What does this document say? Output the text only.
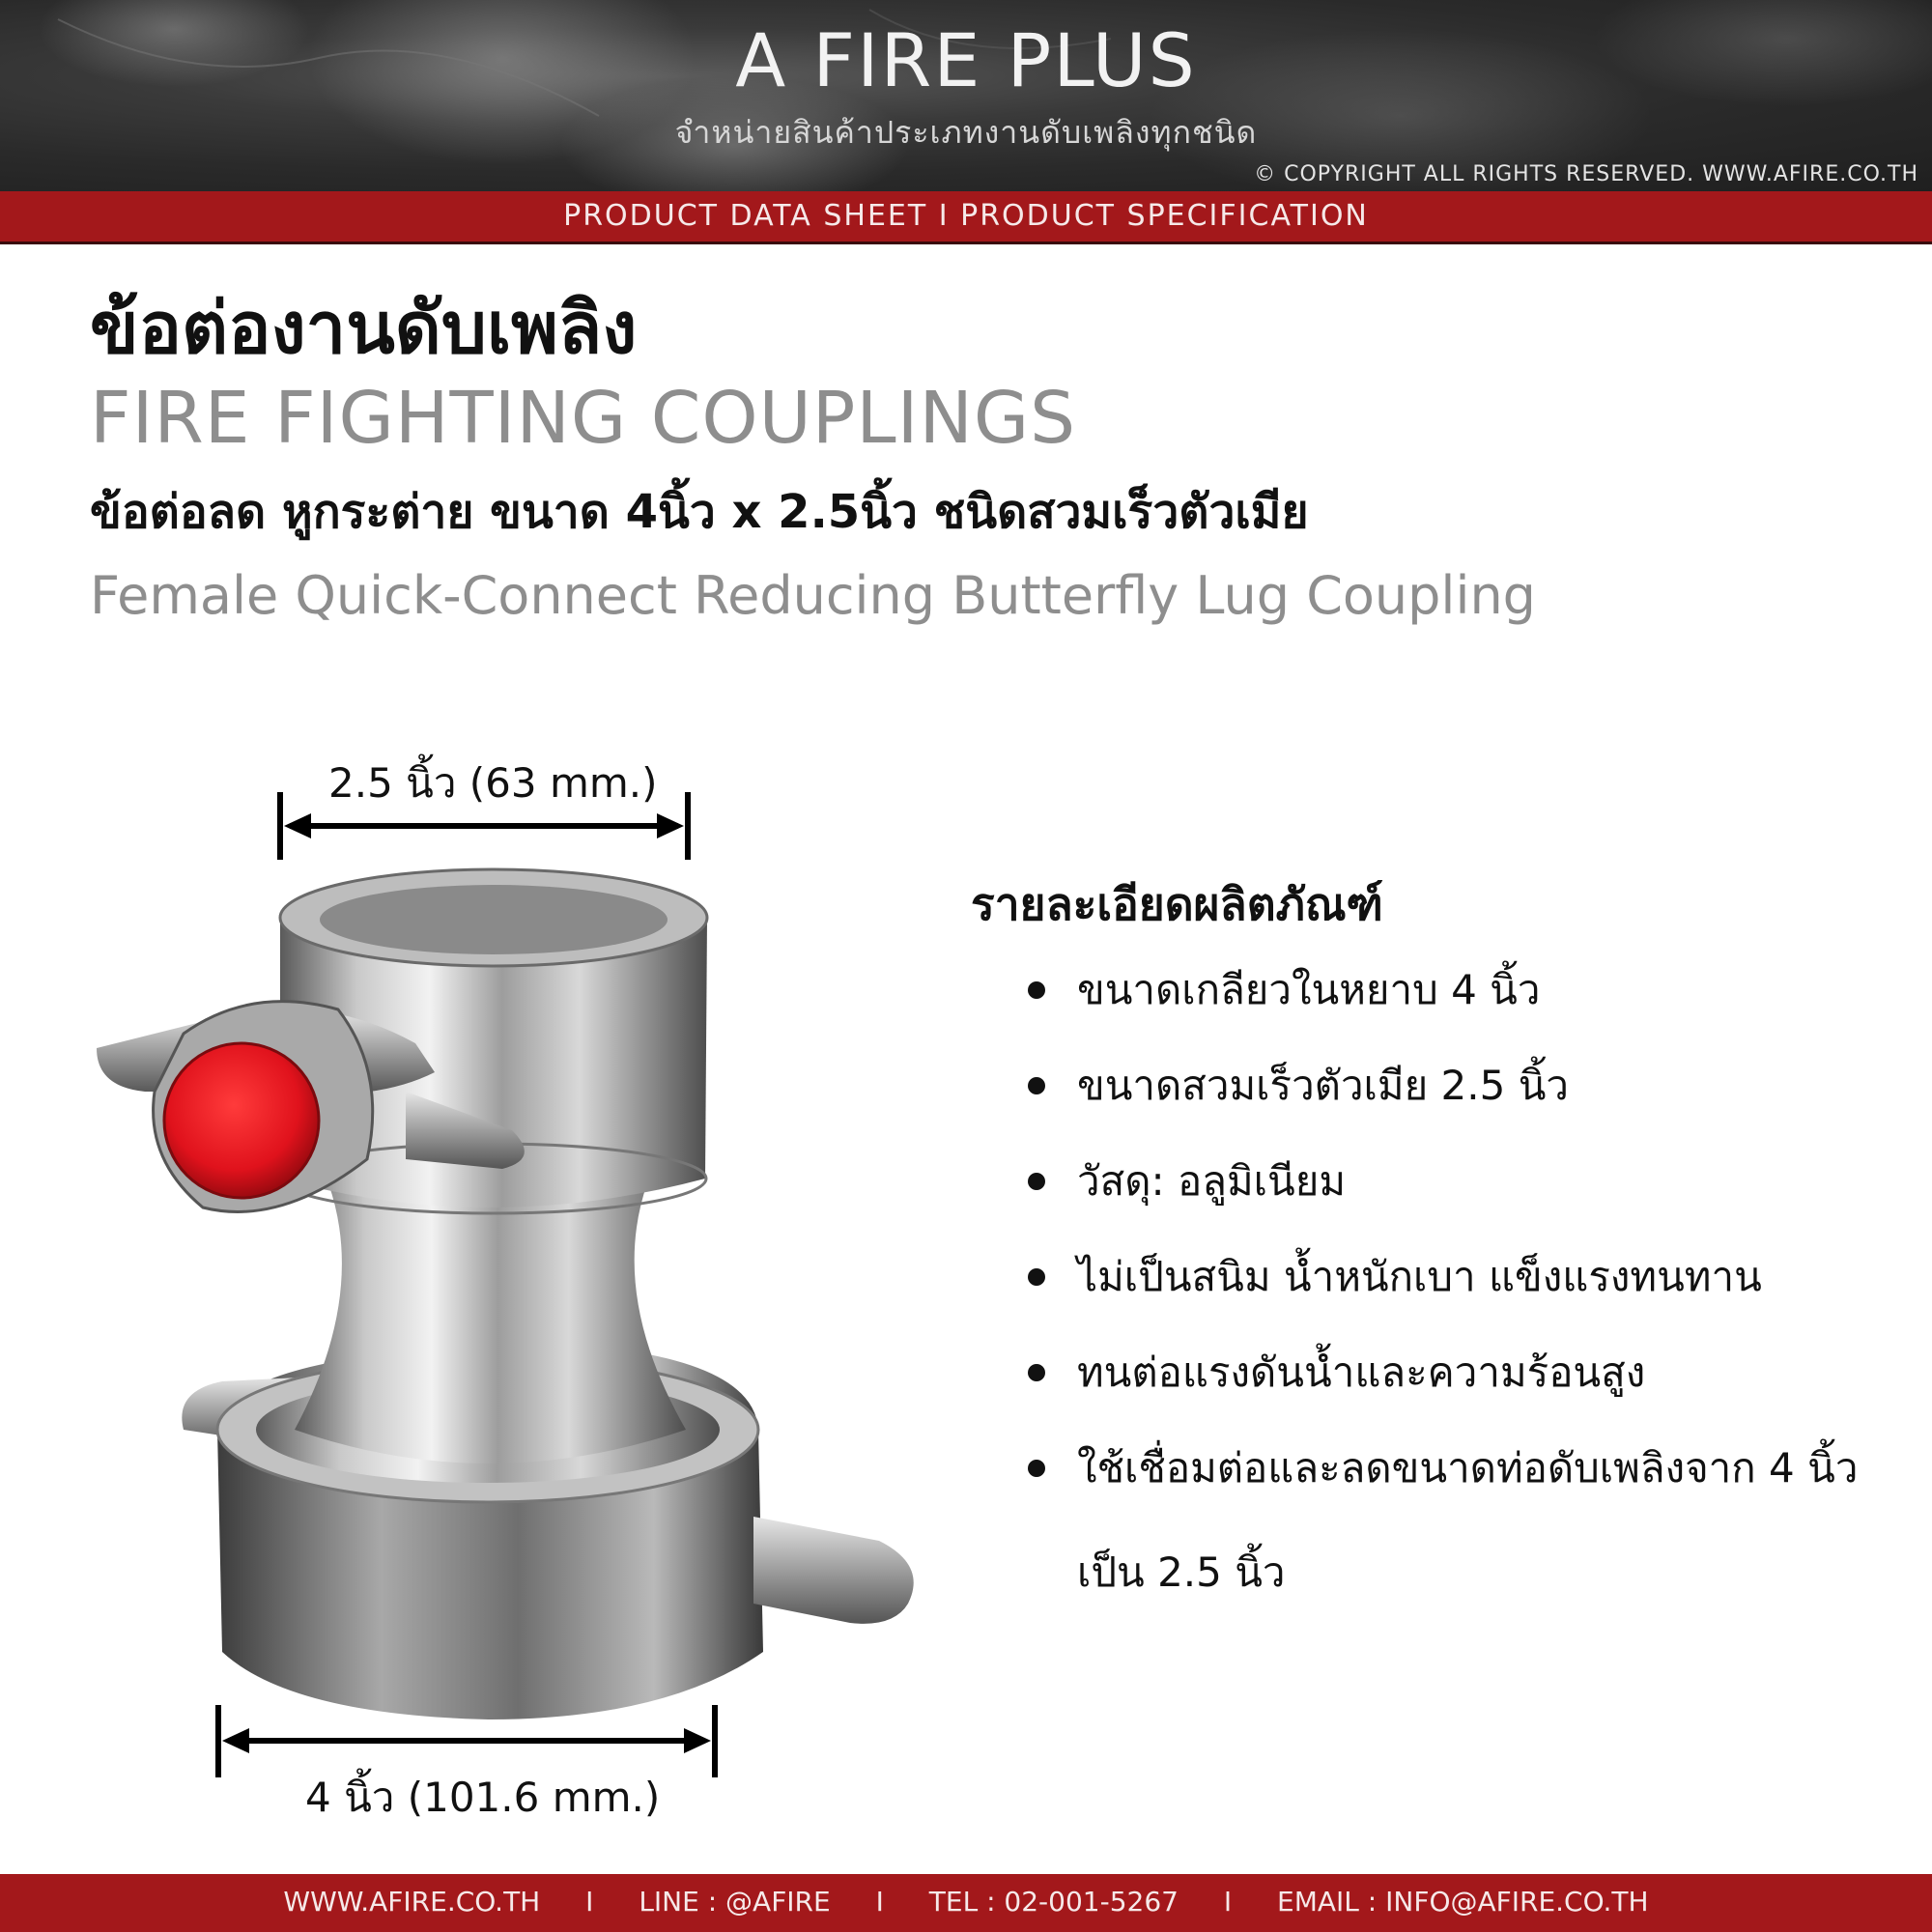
A FIRE PLUS
จำหน่ายสินค้าประเภทงานดับเพลิงทุกชนิด
© COPYRIGHT ALL RIGHTS RESERVED. WWW.AFIRE.CO.TH
PRODUCT DATA SHEET I PRODUCT SPECIFICATION
ข้อต่องานดับเพลิง
FIRE FIGHTING COUPLINGS
ข้อต่อลด หูกระต่าย ขนาด 4นิ้ว x 2.5นิ้ว ชนิดสวมเร็วตัวเมีย
Female Quick-Connect Reducing Butterfly Lug Coupling
2.5 นิ้ว (63 mm.)
4 นิ้ว (101.6 mm.)
รายละเอียดผลิตภัณฑ์
ขนาดเกลียวในหยาบ 4 นิ้ว
ขนาดสวมเร็วตัวเมีย 2.5 นิ้ว
วัสดุ: อลูมิเนียม
ไม่เป็นสนิม น้ำหนักเบา แข็งแรงทนทาน
ทนต่อแรงดันน้ำและความร้อนสูง
ใช้เชื่อมต่อและลดขนาดท่อดับเพลิงจาก 4 นิ้ว เป็น 2.5 นิ้ว
WWW.AFIRE.CO.TH I LINE : @AFIRE I TEL : 02-001-5267 I EMAIL : INFO@AFIRE.CO.TH
